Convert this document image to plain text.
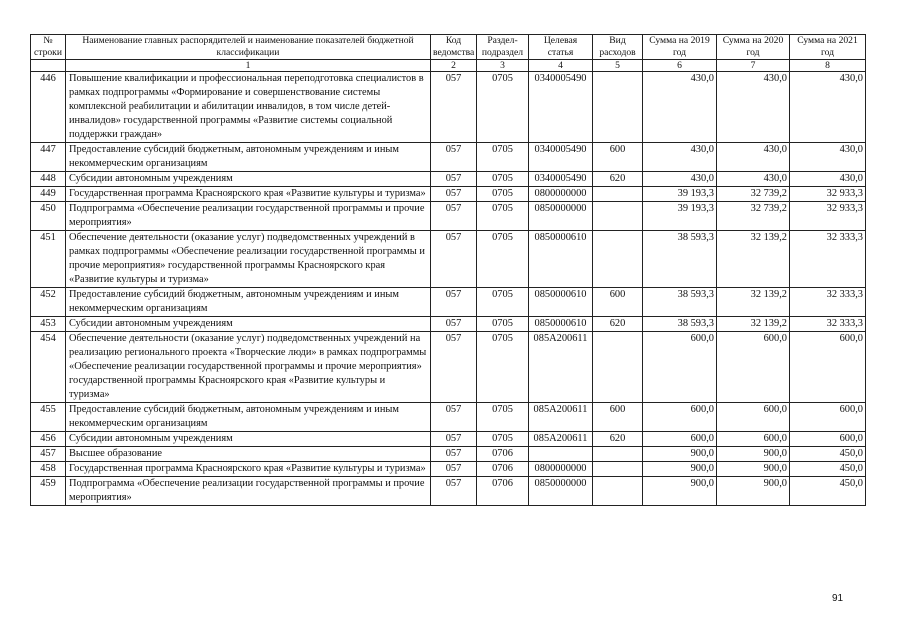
№ строки	Наименование главных распорядителей и наименование показателей бюджетной классификации	Код ведомства	Раздел-подраздел	Целевая статья	Вид расходов	Сумма на 2019 год	Сумма на 2020 год	Сумма на 2021 год
	1	2	3	4	5	6	7	8
446	Повышение квалификации и профессиональная переподготовка специалистов в рамках подпрограммы «Формирование и совершенствование системы комплексной реабилитации и абилитации инвалидов, в том числе детей-инвалидов» государственной программы «Развитие системы социальной поддержки граждан»	057	0705	0340005490		430,0	430,0	430,0
447	Предоставление субсидий бюджетным, автономным учреждениям и иным некоммерческим организациям	057	0705	0340005490	600	430,0	430,0	430,0
448	Субсидии автономным учреждениям	057	0705	0340005490	620	430,0	430,0	430,0
449	Государственная программа Красноярского края «Развитие культуры и туризма»	057	0705	0800000000		39 193,3	32 739,2	32 933,3
450	Подпрограмма «Обеспечение реализации государственной программы и прочие мероприятия»	057	0705	0850000000		39 193,3	32 739,2	32 933,3
451	Обеспечение деятельности (оказание услуг) подведомственных учреждений в рамках подпрограммы «Обеспечение реализации государственной программы и прочие мероприятия» государственной программы Красноярского края «Развитие культуры и туризма»	057	0705	0850000610		38 593,3	32 139,2	32 333,3
452	Предоставление субсидий бюджетным, автономным учреждениям и иным некоммерческим организациям	057	0705	0850000610	600	38 593,3	32 139,2	32 333,3
453	Субсидии автономным учреждениям	057	0705	0850000610	620	38 593,3	32 139,2	32 333,3
454	Обеспечение деятельности (оказание услуг) подведомственных учреждений на реализацию регионального проекта «Творческие люди» в рамках подпрограммы «Обеспечение реализации государственной программы и прочие мероприятия» государственной программы Красноярского края «Развитие культуры и туризма»	057	0705	085A200611		600,0	600,0	600,0
455	Предоставление субсидий бюджетным, автономным учреждениям и иным некоммерческим организациям	057	0705	085A200611	600	600,0	600,0	600,0
456	Субсидии автономным учреждениям	057	0705	085A200611	620	600,0	600,0	600,0
457	Высшее образование	057	0706			900,0	900,0	450,0
458	Государственная программа Красноярского края «Развитие культуры и туризма»	057	0706	0800000000		900,0	900,0	450,0
459	Подпрограмма «Обеспечение реализации государственной программы и прочие мероприятия»	057	0706	0850000000		900,0	900,0	450,0
91
